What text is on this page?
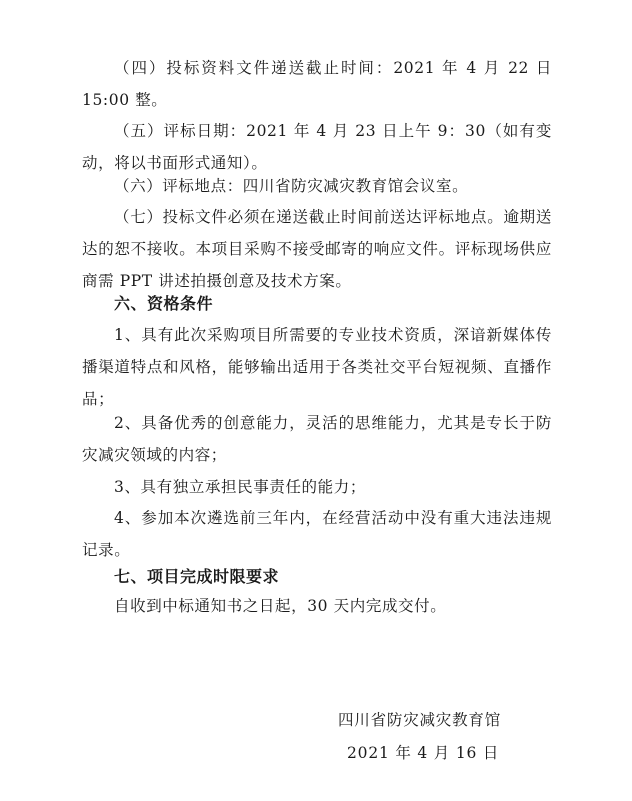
（四）投标资料文件递送截止时间：2021 年 4 月 22 日 15:00 整。

（五）评标日期：2021 年 4 月 23 日上午 9：30（如有变动，将以书面形式通知）。

（六）评标地点：四川省防灾减灾教育馆会议室。

（七）投标文件必须在递送截止时间前送达评标地点。逾期送达的恕不接收。本项目采购不接受邮寄的响应文件。评标现场供应商需 PPT 讲述拍摄创意及技术方案。

六、资格条件

1、具有此次采购项目所需要的专业技术资质，深谙新媒体传播渠道特点和风格，能够输出适用于各类社交平台短视频、直播作品；

2、具备优秀的创意能力，灵活的思维能力，尤其是专长于防灾减灾领域的内容；

3、具有独立承担民事责任的能力；

4、参加本次遴选前三年内，在经营活动中没有重大违法违规记录。

七、项目完成时限要求

自收到中标通知书之日起，30 天内完成交付。

四川省防灾减灾教育馆
2021 年 4 月 16 日
